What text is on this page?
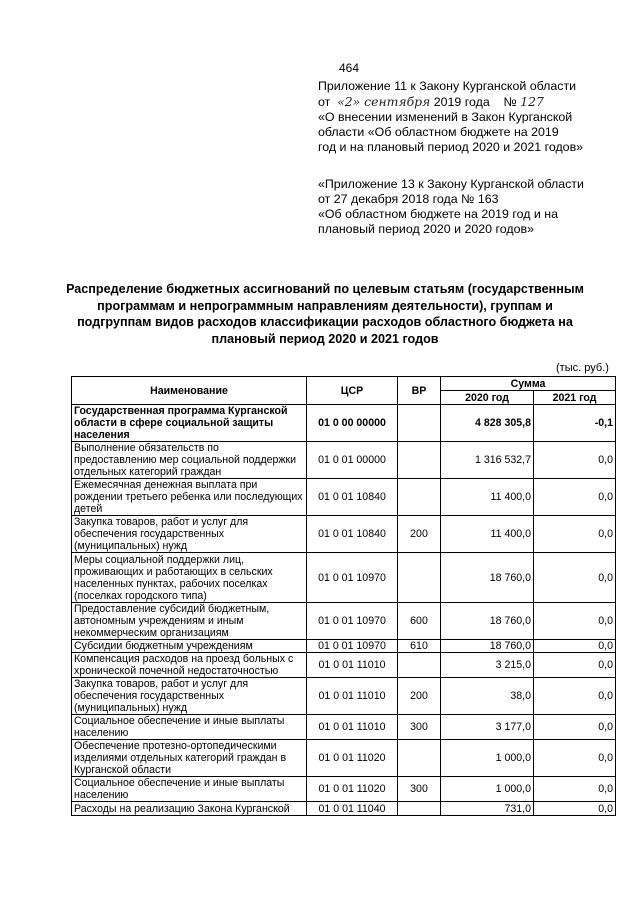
464
Приложение 11 к Закону Курганской области
от «2» сентября 2019 года № 127
«О внесении изменений в Закон Курганской
области «Об областном бюджете на 2019
год и на плановый период 2020 и 2021 годов»
«Приложение 13 к Закону Курганской области
от 27 декабря 2018 года № 163
«Об областном бюджете на 2019 год и на
плановый период 2020 и 2020 годов»
Распределение бюджетных ассигнований по целевым статьям (государственным программам и непрограммным направлениям деятельности), группам и подгруппам видов расходов классификации расходов областного бюджета на плановый период 2020 и 2021 годов
(тыс. руб.)
Наименование	ЦСР	ВР	Сумма	
			2020 год	2021 год
Государственная программа Курганской области в сфере социальной защиты населения	01 0 00 00000		4 828 305,8	-0,1
Выполнение обязательств по предоставлению мер социальной поддержки отдельных категорий граждан	01 0 01 00000		1 316 532,7	0,0
Ежемесячная денежная выплата при рождении третьего ребенка или последующих детей	01 0 01 10840		11 400,0	0,0
Закупка товаров, работ и услуг для обеспечения государственных (муниципальных) нужд	01 0 01 10840	200	11 400,0	0,0
Меры социальной поддержки лиц, проживающих и работающих в сельских населенных пунктах, рабочих поселках (поселках городского типа)	01 0 01 10970		18 760,0	0,0
Предоставление субсидий бюджетным, автономным учреждениям и иным некоммерческим организациям	01 0 01 10970	600	18 760,0	0,0
Субсидии бюджетным учреждениям	01 0 01 10970	610	18 760,0	0,0
Компенсация расходов на проезд больных с хронической почечной недостаточностью	01 0 01 11010		3 215,0	0,0
Закупка товаров, работ и услуг для обеспечения государственных (муниципальных) нужд	01 0 01 11010	200	38,0	0,0
Социальное обеспечение и иные выплаты населению	01 0 01 11010	300	3 177,0	0,0
Обеспечение протезно-ортопедическими изделиями отдельных категорий граждан в Курганской области	01 0 01 11020		1 000,0	0,0
Социальное обеспечение и иные выплаты населению	01 0 01 11020	300	1 000,0	0,0
Расходы на реализацию Закона Курганской	01 0 01 11040		731,0	0,0
